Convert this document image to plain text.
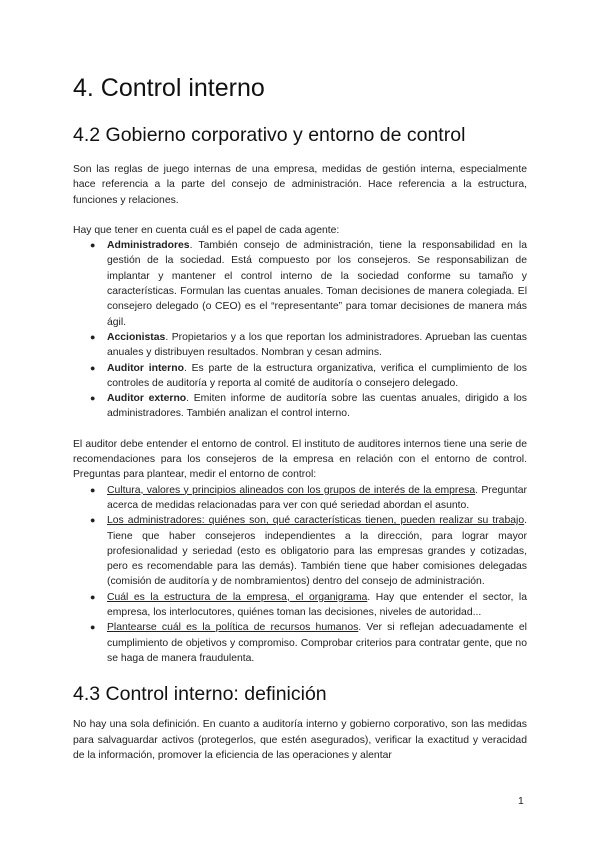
4. Control interno
4.2 Gobierno corporativo y entorno de control

Son las reglas de juego internas de una empresa, medidas de gestión interna, especialmente hace referencia a la parte del consejo de administración. Hace referencia a la estructura, funciones y relaciones.

Hay que tener en cuenta cuál es el papel de cada agente:

● Administradores. También consejo de administración, tiene la responsabilidad en la gestión de la sociedad. Está compuesto por los consejeros. Se responsabilizan de implantar y mantener el control interno de la sociedad conforme su tamaño y características. Formulan las cuentas anuales. Toman decisiones de manera colegiada. El consejero delegado (o CEO) es el “representante” para tomar decisiones de manera más ágil.
● Accionistas. Propietarios y a los que reportan los administradores. Aprueban las cuentas anuales y distribuyen resultados. Nombran y cesan admins.
● Auditor interno. Es parte de la estructura organizativa, verifica el cumplimiento de los controles de auditoría y reporta al comité de auditoría o consejero delegado.
● Auditor externo. Emiten informe de auditoría sobre las cuentas anuales, dirigido a los administradores. También analizan el control interno.

El auditor debe entender el entorno de control. El instituto de auditores internos tiene una serie de recomendaciones para los consejeros de la empresa en relación con el entorno de control. Preguntas para plantear, medir el entorno de control:

● Cultura, valores y principios alineados con los grupos de interés de la empresa. Preguntar acerca de medidas relacionadas para ver con qué seriedad abordan el asunto.
● Los administradores: quiénes son, qué características tienen, pueden realizar su trabajo. Tiene que haber consejeros independientes a la dirección, para lograr mayor profesionalidad y seriedad (esto es obligatorio para las empresas grandes y cotizadas, pero es recomendable para las demás). También tiene que haber comisiones delegadas (comisión de auditoría y de nombramientos) dentro del consejo de administración.
● Cuál es la estructura de la empresa, el organigrama. Hay que entender el sector, la empresa, los interlocutores, quiénes toman las decisiones, niveles de autoridad...
● Plantearse cuál es la política de recursos humanos. Ver si reflejan adecuadamente el cumplimiento de objetivos y compromiso. Comprobar criterios para contratar gente, que no se haga de manera fraudulenta.
4.3 Control interno: definición

No hay una sola definición. En cuanto a auditoría interno y gobierno corporativo, son las medidas para salvaguardar activos (protegerlos, que estén asegurados), verificar la exactitud y veracidad de la información, promover la eficiencia de las operaciones y alentar

1
